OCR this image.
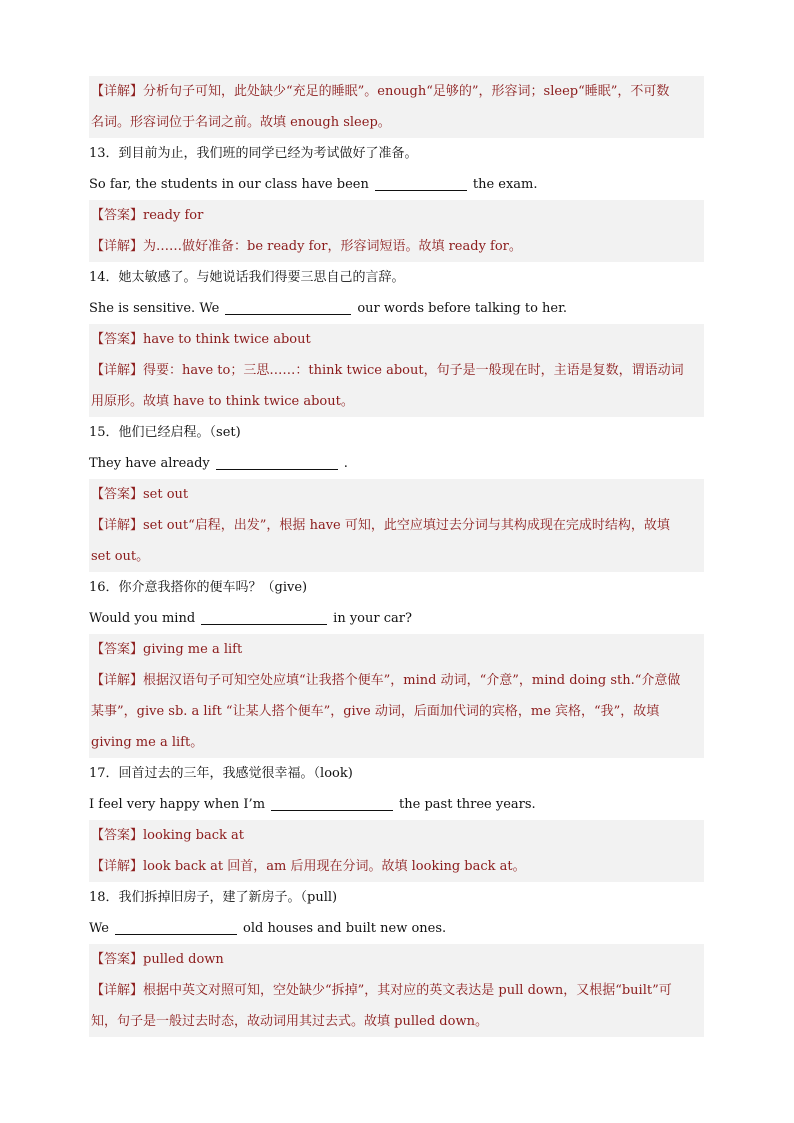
【详解】分析句子可知，此处缺少“充足的睡眠”。enough“足够的”，形容词；sleep“睡眠”，不可数
名词。形容词位于名词之前。故填 enough sleep。
13．到目前为止，我们班的同学已经为考试做好了准备。
So far, the students in our class have been	the exam.
【答案】ready for
【详解】为……做好准备：be ready for，形容词短语。故填 ready for。
14．她太敏感了。与她说话我们得要三思自己的言辞。
She is sensitive. We	our words before talking to her.
【答案】have to think twice about
【详解】得要：have to；三思……：think twice about，句子是一般现在时，主语是复数，谓语动词
用原形。故填 have to think twice about。
15．他们已经启程。（set)
They have already	.
【答案】set out
【详解】set out“启程，出发”，根据 have 可知，此空应填过去分词与其构成现在完成时结构，故填
set out。
16．你介意我搭你的便车吗？（give)
Would you mind	in your car?
【答案】giving me a lift
【详解】根据汉语句子可知空处应填“让我搭个便车”，mind 动词，“介意”，mind doing sth.“介意做
某事”，give sb. a lift “让某人搭个便车”，give 动词，后面加代词的宾格，me 宾格，“我”，故填
giving me a lift。
17．回首过去的三年，我感觉很幸福。（look)
I feel very happy when I’m	the past three years.
【答案】looking back at
【详解】look back at 回首，am 后用现在分词。故填 looking back at。
18．我们拆掉旧房子，建了新房子。（pull)
We	old houses and built new ones.
【答案】pulled down
【详解】根据中英文对照可知，空处缺少“拆掉”，其对应的英文表达是 pull down，又根据“built”可
知，句子是一般过去时态，故动词用其过去式。故填 pulled down。
